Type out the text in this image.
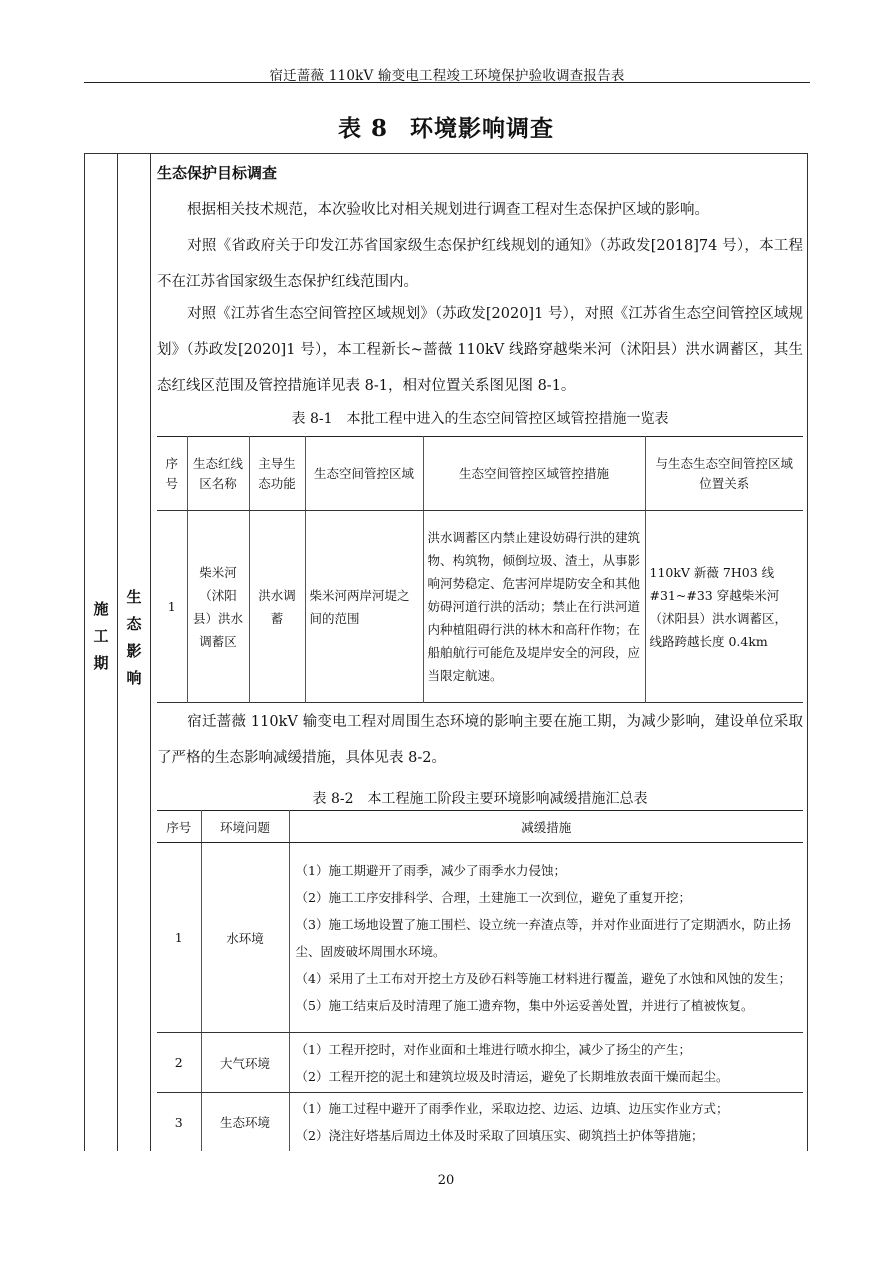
宿迁蔷薇 110kV 输变电工程竣工环境保护验收调查报告表
表 8 环境影响调查
施
工
期
生
态
影
响
生态保护目标调查
根据相关技术规范，本次验收比对相关规划进行调查工程对生态保护区域的影响。
对照《省政府关于印发江苏省国家级生态保护红线规划的通知》（苏政发[2018]74 号），本工程不在江苏省国家级生态保护红线范围内。
对照《江苏省生态空间管控区域规划》（苏政发[2020]1 号），对照《江苏省生态空间管控区域规划》（苏政发[2020]1 号），本工程新长~蔷薇 110kV 线路穿越柴米河（沭阳县）洪水调蓄区，其生态红线区范围及管控措施详见表 8-1，相对位置关系图见图 8-1。
表 8-1　本批工程中进入的生态空间管控区域管控措施一览表
序号	生态红线区名称	主导生态功能	生态空间管控区域	生态空间管控区域管控措施	与生态生态空间管控区域位置关系
1	柴米河（沭阳县）洪水调蓄区	洪水调蓄	柴米河两岸河堤之间的范围	洪水调蓄区内禁止建设妨碍行洪的建筑物、构筑物，倾倒垃圾、渣土，从事影响河势稳定、危害河岸堤防安全和其他妨碍河道行洪的活动；禁止在行洪河道内种植阻碍行洪的林木和高秆作物；在船舶航行可能危及堤岸安全的河段，应当限定航速。	110kV 新薇 7H03 线#31~#33 穿越柴米河（沭阳县）洪水调蓄区，线路跨越长度 0.4km
宿迁蔷薇 110kV 输变电工程对周围生态环境的影响主要在施工期，为减少影响，建设单位采取了严格的生态影响减缓措施，具体见表 8-2。
表 8-2　本工程施工阶段主要环境影响减缓措施汇总表
序号	环境问题	减缓措施
1	水环境	（1）施工期避开了雨季，减少了雨季水力侵蚀；
（2）施工工序安排科学、合理，土建施工一次到位，避免了重复开挖；
（3）施工场地设置了施工围栏、设立统一弃渣点等，并对作业面进行了定期洒水，防止扬尘、固废破坏周围水环境。
（4）采用了土工布对开挖土方及砂石料等施工材料进行覆盖，避免了水蚀和风蚀的发生；
（5）施工结束后及时清理了施工遗弃物，集中外运妥善处置，并进行了植被恢复。

2	大气环境	（1）工程开挖时，对作业面和土堆进行喷水抑尘，减少了扬尘的产生；
（2）工程开挖的泥土和建筑垃圾及时清运，避免了长期堆放表面干燥而起尘。

3	生态环境	（1）施工过程中避开了雨季作业，采取边挖、边运、边填、边压实作业方式；
（2）浇注好塔基后周边土体及时采取了回填压实、砌筑挡土护体等措施；
20
